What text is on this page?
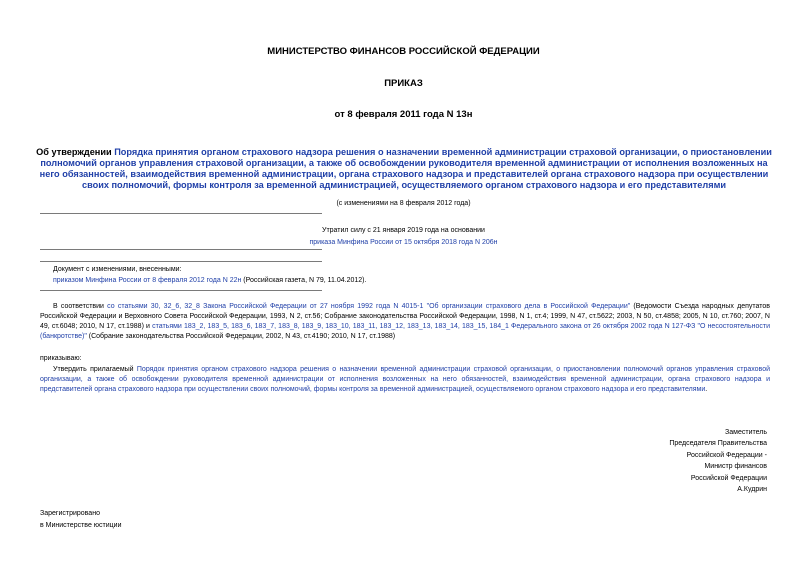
МИНИСТЕРСТВО ФИНАНСОВ РОССИЙСКОЙ ФЕДЕРАЦИИ
ПРИКАЗ
от 8 февраля 2011 года N 13н
Об утверждении Порядка принятия органом страхового надзора решения о назначении временной администрации страховой организации, о приостановлении полномочий органов управления страховой организации, а также об освобождении руководителя временной администрации от исполнения возложенных на него обязанностей, взаимодействия временной администрации, органа страхового надзора и представителей органа страхового надзора при осуществлении своих полномочий, формы контроля за временной администрацией, осуществляемого органом страхового надзора и его представителями
(с изменениями на 8 февраля 2012 года)
Утратил силу с 21 января 2019 года на основании
приказа Минфина России от 15 октября 2018 года N 206н
Документ с изменениями, внесенными:
приказом Минфина России от 8 февраля 2012 года N 22н (Российская газета, N 79, 11.04.2012).
В соответствии со статьями 30, 32_6, 32_8 Закона Российской Федерации от 27 ноября 1992 года N 4015-1 "Об организации страхового дела в Российской Федерации" (Ведомости Съезда народных депутатов Российской Федерации и Верховного Совета Российской Федерации, 1993, N 2, ст.56; Собрание законодательства Российской Федерации, 1998, N 1, ст.4; 1999, N 47, ст.5622; 2003, N 50, ст.4858; 2005, N 10, ст.760; 2007, N 49, ст.6048; 2010, N 17, ст.1988) и статьями 183_2, 183_5, 183_6, 183_7, 183_8, 183_9, 183_10, 183_11, 183_12, 183_13, 183_14, 183_15, 184_1 Федерального закона от 26 октября 2002 года N 127-ФЗ "О несостоятельности (банкротстве)" (Собрание законодательства Российской Федерации, 2002, N 43, ст.4190; 2010, N 17, ст.1988)
приказываю:
Утвердить прилагаемый Порядок принятия органом страхового надзора решения о назначении временной администрации страховой организации, о приостановлении полномочий органов управления страховой организации, а также об освобождении руководителя временной администрации от исполнения возложенных на него обязанностей, взаимодействия временной администрации, органа страхового надзора и представителей органа страхового надзора при осуществлении своих полномочий, формы контроля за временной администрацией, осуществляемого органом страхового надзора и его представителями.
Заместитель
Председателя Правительства
Российской Федерации -
Министр финансов
Российской Федерации
А.Кудрин
Зарегистрировано
в Министерстве юстиции
